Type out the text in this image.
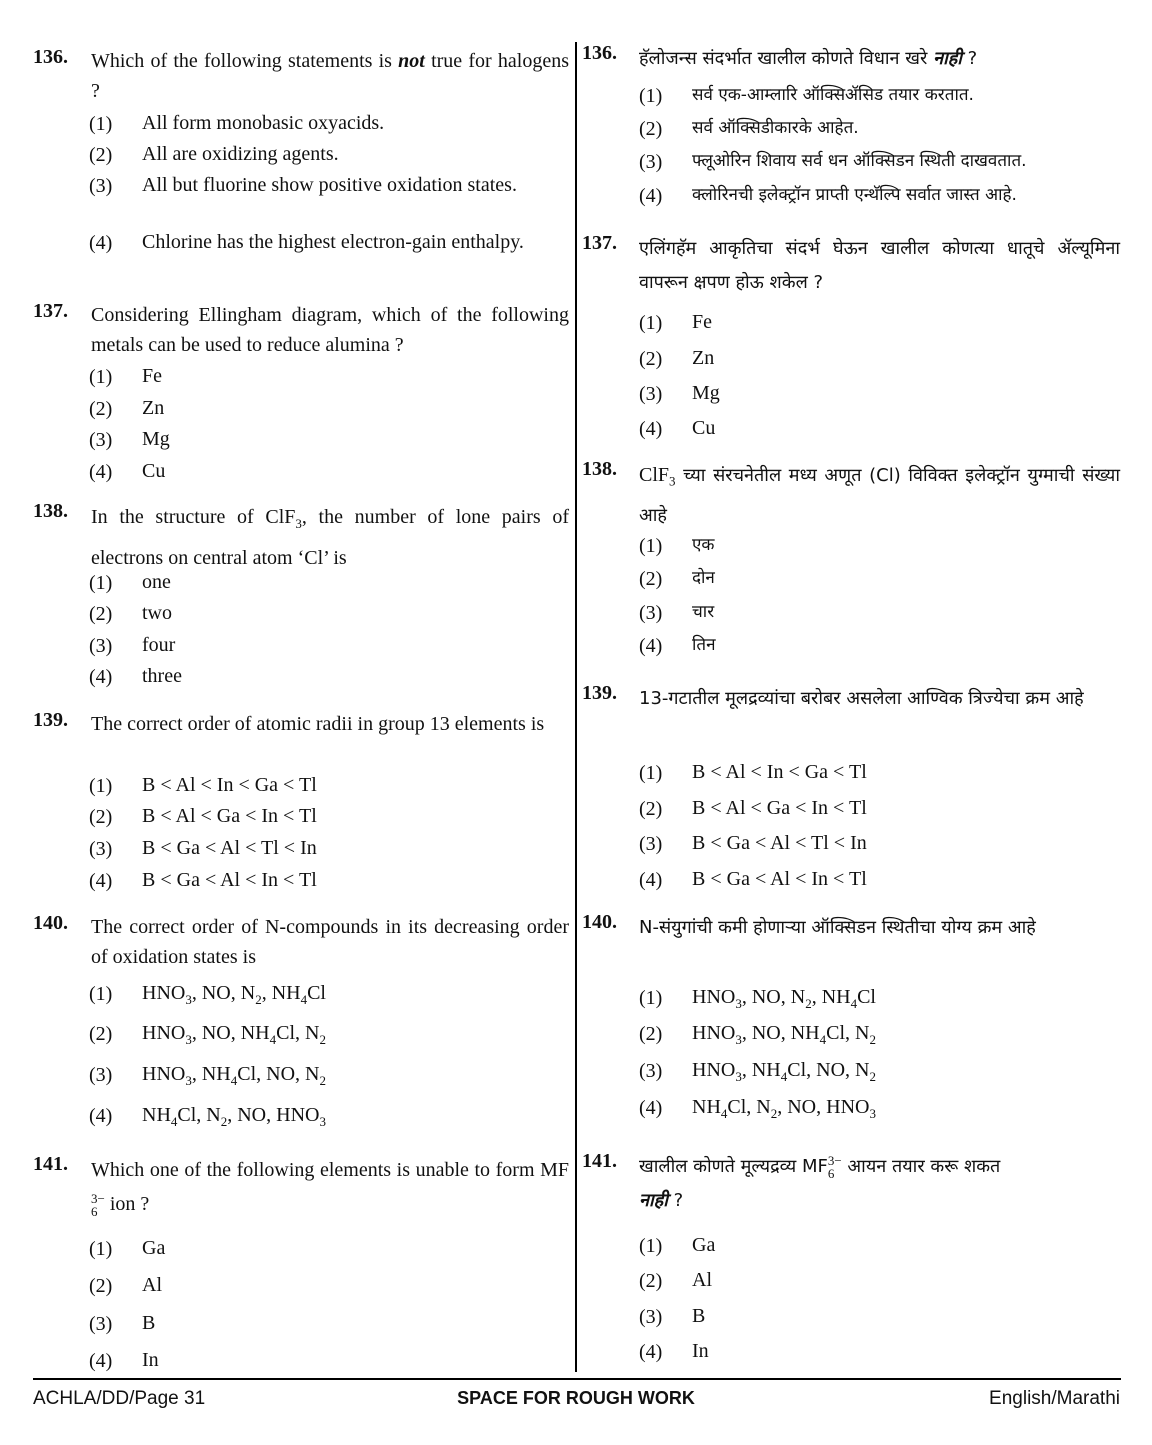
136. Which of the following statements is not true for halogens ?
(1) All form monobasic oxyacids.
(2) All are oxidizing agents.
(3) All but fluorine show positive oxidation states.
(4) Chlorine has the highest electron-gain enthalpy.
137. Considering Ellingham diagram, which of the following metals can be used to reduce alumina ?
(1) Fe
(2) Zn
(3) Mg
(4) Cu
138. In the structure of ClF$_3$, the number of lone pairs of electrons on central atom ‘Cl’ is
(1) one
(2) two
(3) four
(4) three
139. The correct order of atomic radii in group 13 elements is
(1) B < Al < In < Ga < Tl
(2) B < Al < Ga < In < Tl
(3) B < Ga < Al < Tl < In
(4) B < Ga < Al < In < Tl
140. The correct order of N-compounds in its decreasing order of oxidation states is
(1) $HNO_3$, NO, $N_2$, $NH_4Cl$
(2) $HNO_3$, NO, $NH_4Cl$, $N_2$
(3) $HNO_3$, $NH_4Cl$, NO, $N_2$
(4) $NH_4Cl$, $N_2$, NO, $HNO_3$
141. Which one of the following elements is unable to form MF
3−
6 ion ?
(1) Ga
(2) Al
(3) B
(4) In
136. हॅलोजन्स संदर्भात खालील कोणते विधान खरे नाही ?
(1) सर्व एक-आम्लारि ऑक्सिॲसिड तयार करतात.
(2) सर्व ऑक्सिडीकारके आहेत.
(3) फ्लूओरिन शिवाय सर्व धन ऑक्सिडन स्थिती दाखवतात.
(4) क्लोरिनची इलेक्ट्रॉन प्राप्ती एन्थॅल्पि सर्वात जास्त आहे.
137. एलिंगहॅम आकृतिचा संदर्भ घेऊन खालील कोणत्या धातूचे ॲल्यूमिना वापरून क्षपण होऊ शकेल ?
(1) Fe
(2) Zn
(3) Mg
(4) Cu
138. ClF$_3$ च्या संरचनेतील मध्य अणूत (Cl) विविक्त इलेक्ट्रॉन युग्माची संख्या आहे
(1) एक
(2) दोन
(3) चार
(4) तिन
139. 13-गटातील मूलद्रव्यांचा बरोबर असलेला आण्विक त्रिज्येचा क्रम आहे
(1) B < Al < In < Ga < Tl
(2) B < Al < Ga < In < Tl
(3) B < Ga < Al < Tl < In
(4) B < Ga < Al < In < Tl
140. N-संयुगांची कमी होणाऱ्या ऑक्सिडन स्थितीचा योग्य क्रम आहे
(1) $HNO_3$, NO, $N_2$, $NH_4Cl$
(2) $HNO_3$, NO, $NH_4Cl$, $N_2$
(3) $HNO_3$, $NH_4Cl$, NO, $N_2$
(4) $NH_4Cl$, $N_2$, NO, $HNO_3$
141. खालील कोणते मूल्यद्रव्य MF 3−
6 आयन तयार करू शकत
नाही ?
(1) Ga
(2) Al
(3) B
(4) In
ACHLA/DD/Page 31	SPACE FOR ROUGH WORK	English/Marathi
